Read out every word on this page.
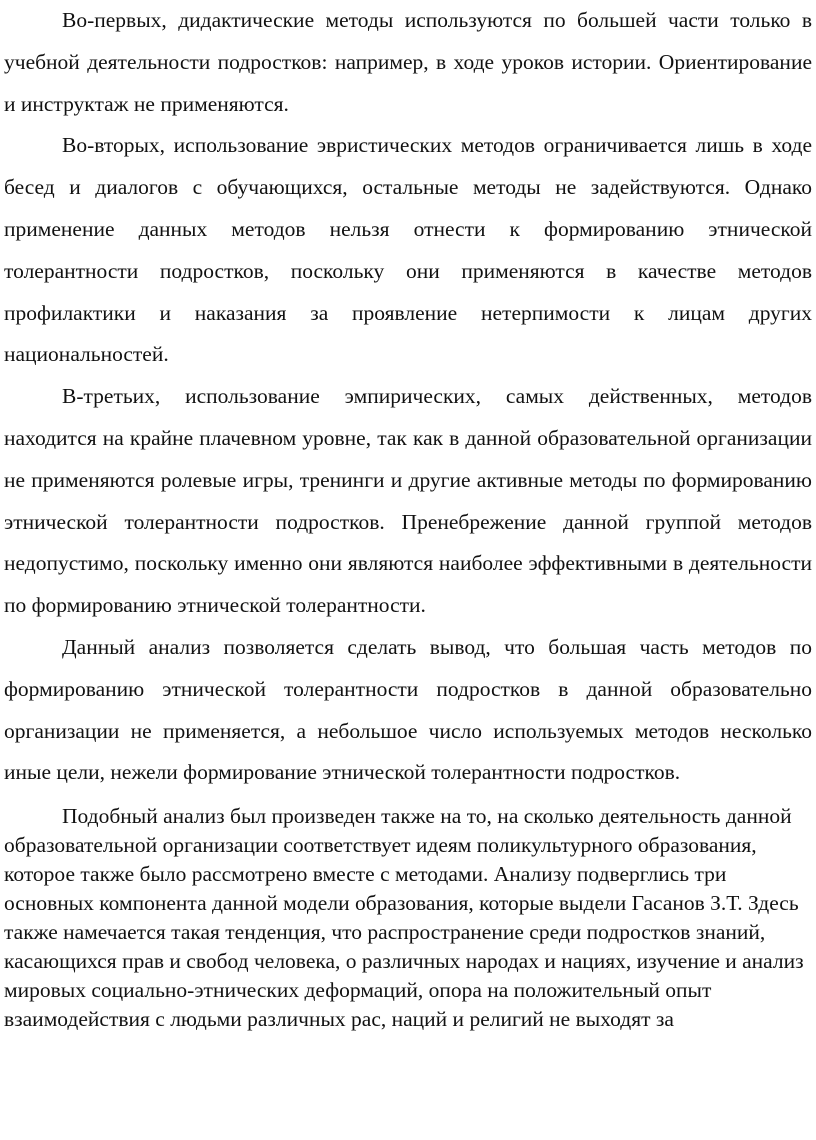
Во-первых, дидактические методы используются по большей части только в учебной деятельности подростков: например, в ходе уроков истории. Ориентирование и инструктаж не применяются.

Во-вторых, использование эвристических методов ограничивается лишь в ходе бесед и диалогов с обучающихся, остальные методы не задействуются. Однако применение данных методов нельзя отнести к формированию этнической толерантности подростков, поскольку они применяются в качестве методов профилактики и наказания за проявление нетерпимости к лицам других национальностей.

В-третьих, использование эмпирических, самых действенных, методов находится на крайне плачевном уровне, так как в данной образовательной организации не применяются ролевые игры, тренинги и другие активные методы по формированию этнической толерантности подростков. Пренебрежение данной группой методов недопустимо, поскольку именно они являются наиболее эффективными в деятельности по формированию этнической толерантности.

Данный анализ позволяется сделать вывод, что большая часть методов по формированию этнической толерантности подростков в данной образовательно организации не применяется, а небольшое число используемых методов несколько иные цели, нежели формирование этнической толерантности подростков.

Подобный анализ был произведен также на то, на сколько деятельность данной образовательной организации соответствует идеям поликультурного образования, которое также было рассмотрено вместе с методами. Анализу подверглись три основных компонента данной модели образования, которые выдели Гасанов З.Т. Здесь также намечается такая тенденция, что распространение среди подростков знаний, касающихся прав и свобод человека, о различных народах и нациях, изучение и анализ мировых социально-этнических деформаций, опора на положительный опыт взаимодействия с людьми различных рас, наций и религий не выходят за
